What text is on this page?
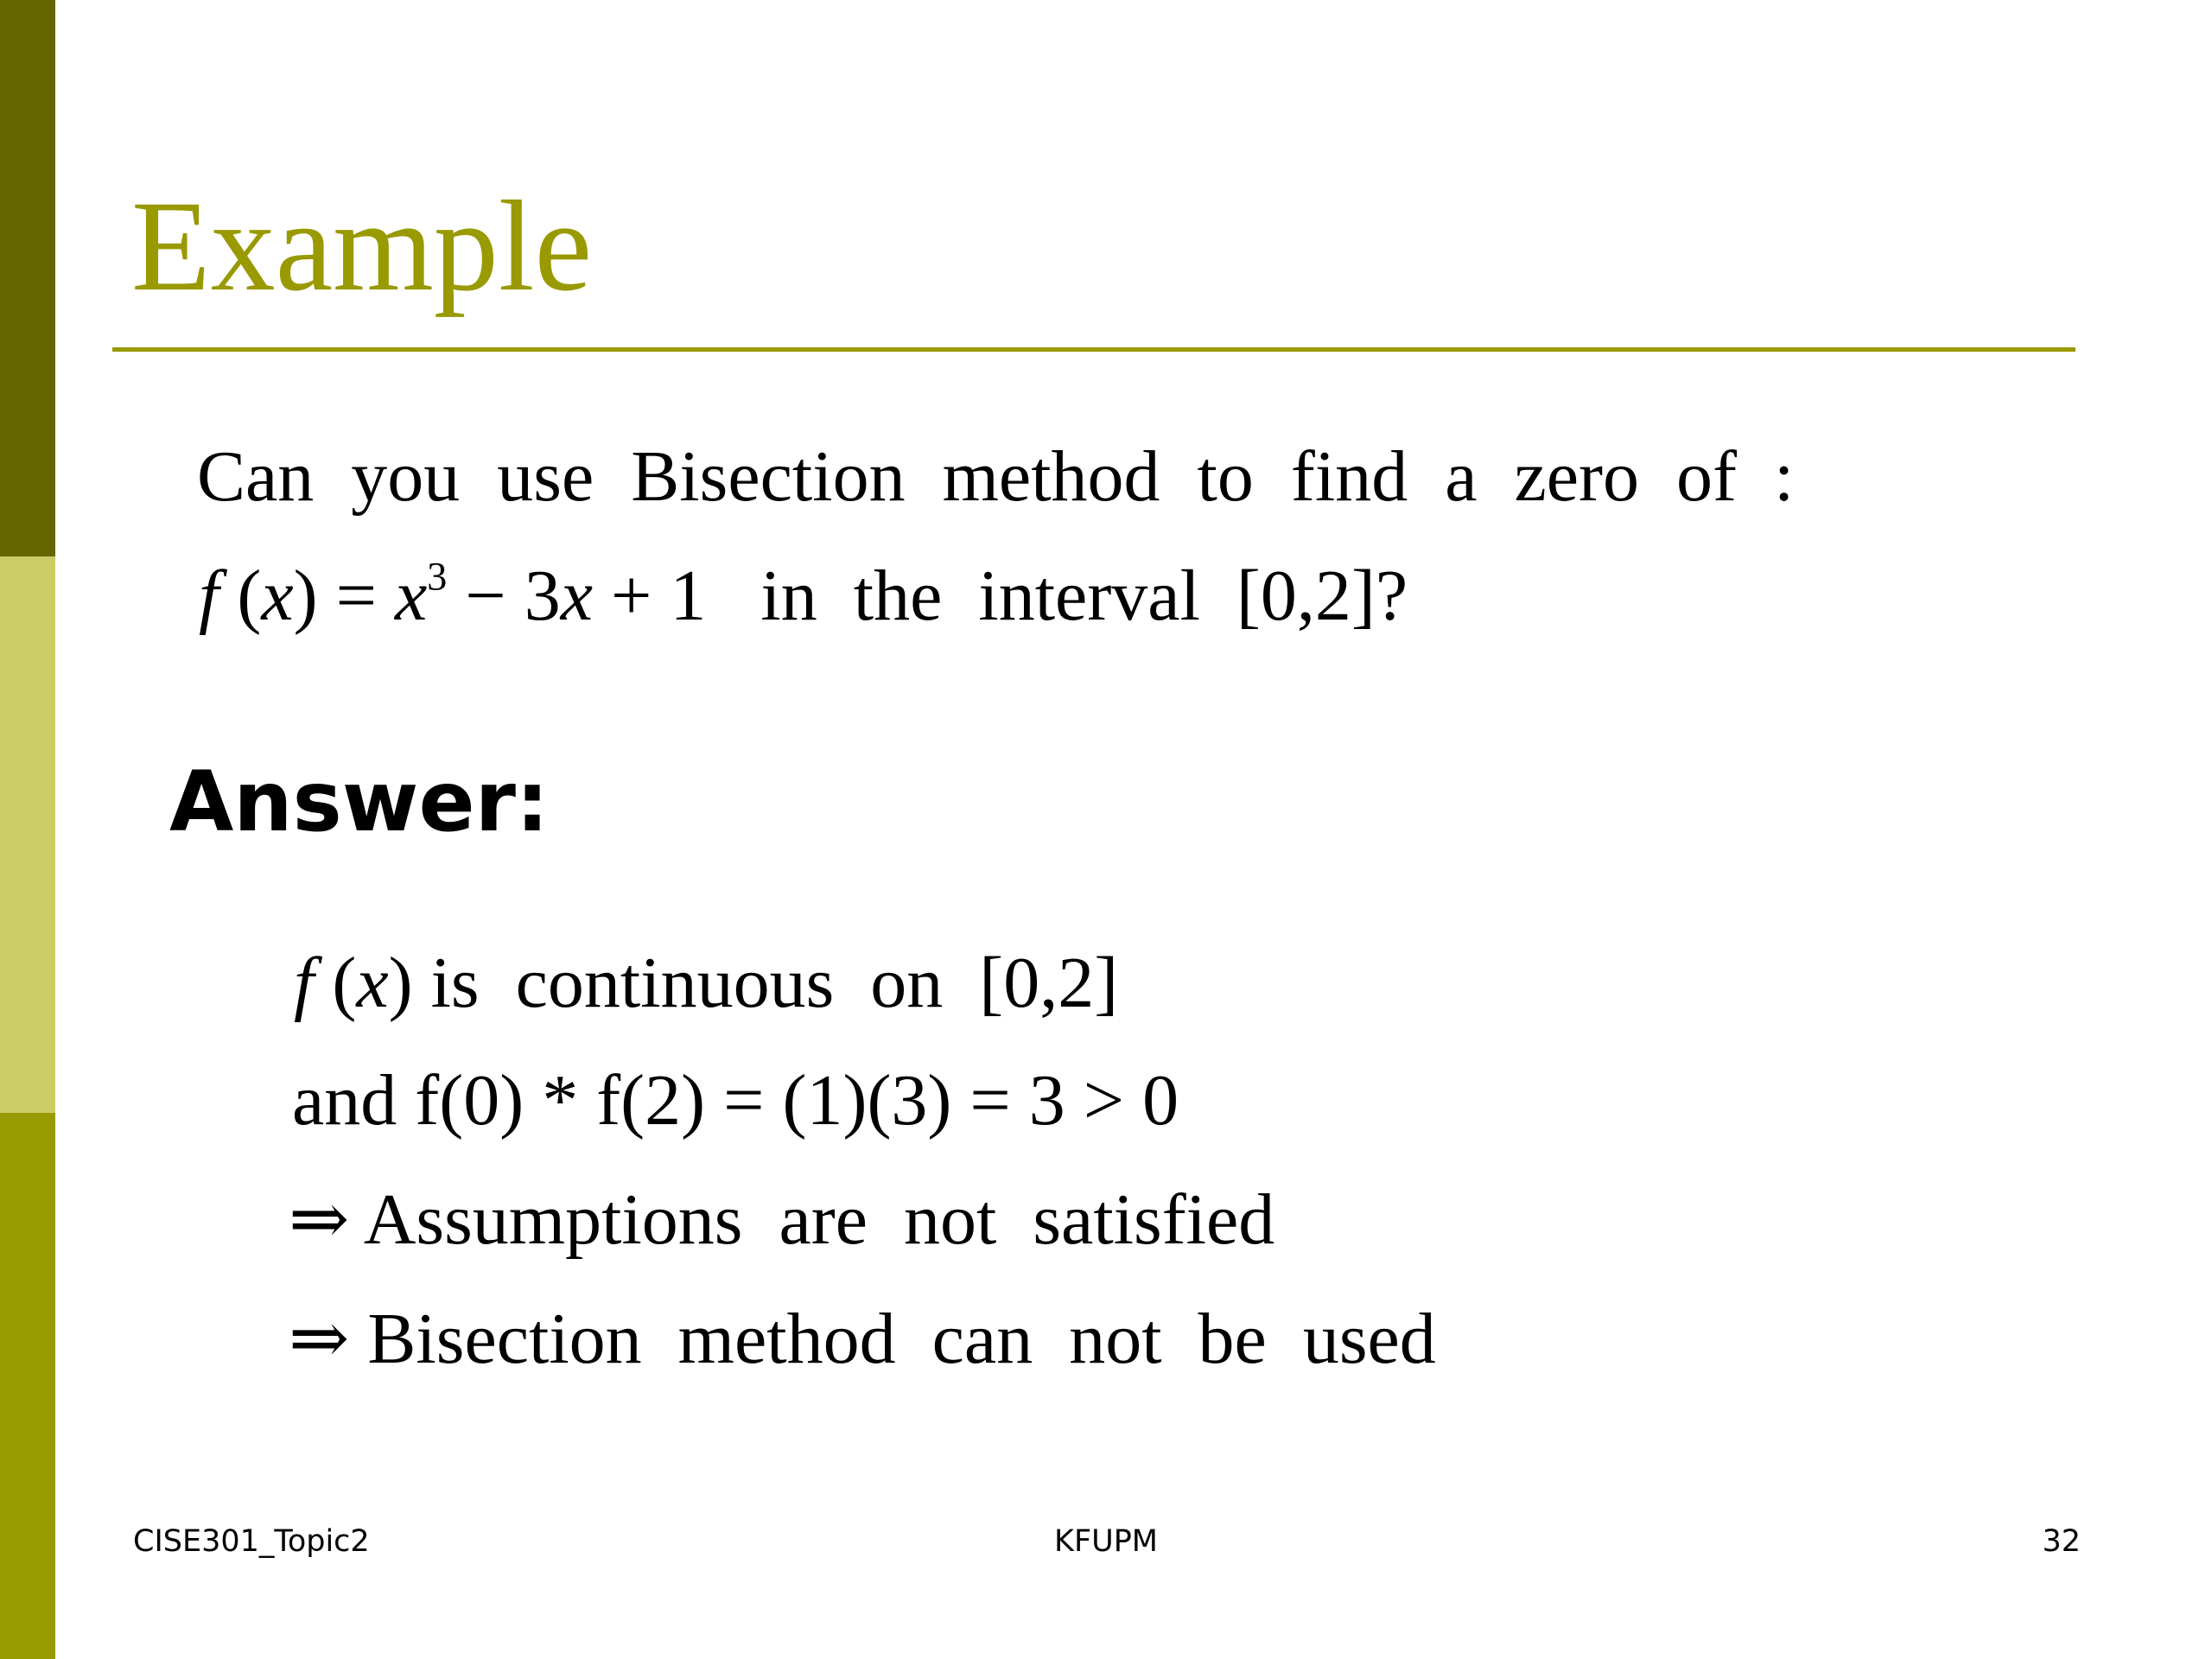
Example
Can you use Bisection method to find a zero of :
f $(x) = x^3 - 3x + 1$   in  the  interval  [0,2]?
Answer:
f (x) is  continuous  on  [0,2]
and f(0) * f(2) = (1)(3) = 3 > 0
⇒ Assumptions  are  not  satisfied
⇒ Bisection  method  can  not  be  used
CISE301_Topic2	KFUPM	32
